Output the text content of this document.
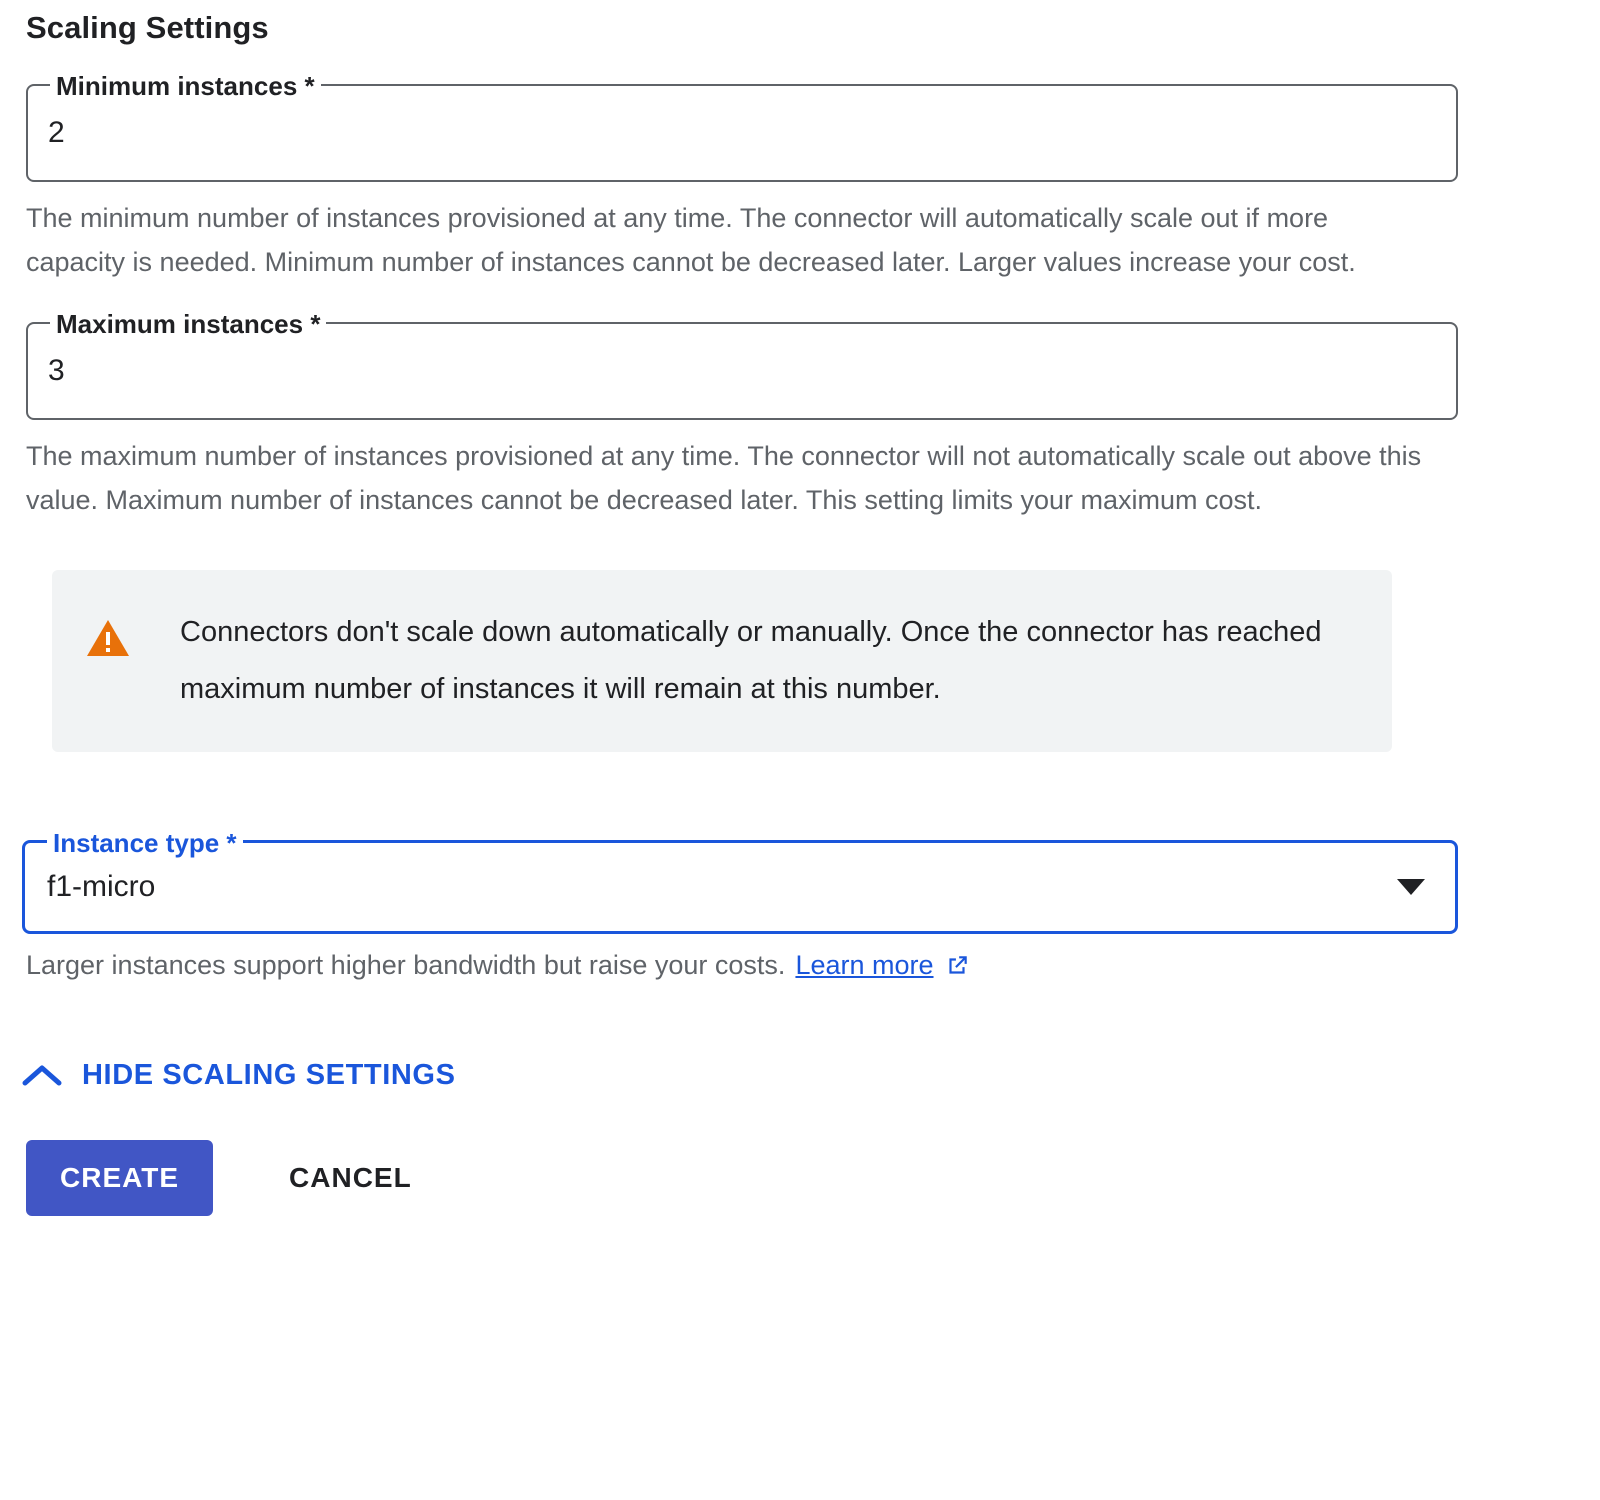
Scaling Settings
Minimum instances *
2
The minimum number of instances provisioned at any time. The connector will automatically scale out if more capacity is needed. Minimum number of instances cannot be decreased later. Larger values increase your cost.
Maximum instances *
3
The maximum number of instances provisioned at any time. The connector will not automatically scale out above this value. Maximum number of instances cannot be decreased later. This setting limits your maximum cost.
Connectors don't scale down automatically or manually. Once the connector has reached maximum number of instances it will remain at this number.
Instance type *
f1-micro
Larger instances support higher bandwidth but raise your costs. Learn more
HIDE SCALING SETTINGS
CREATE	CANCEL
